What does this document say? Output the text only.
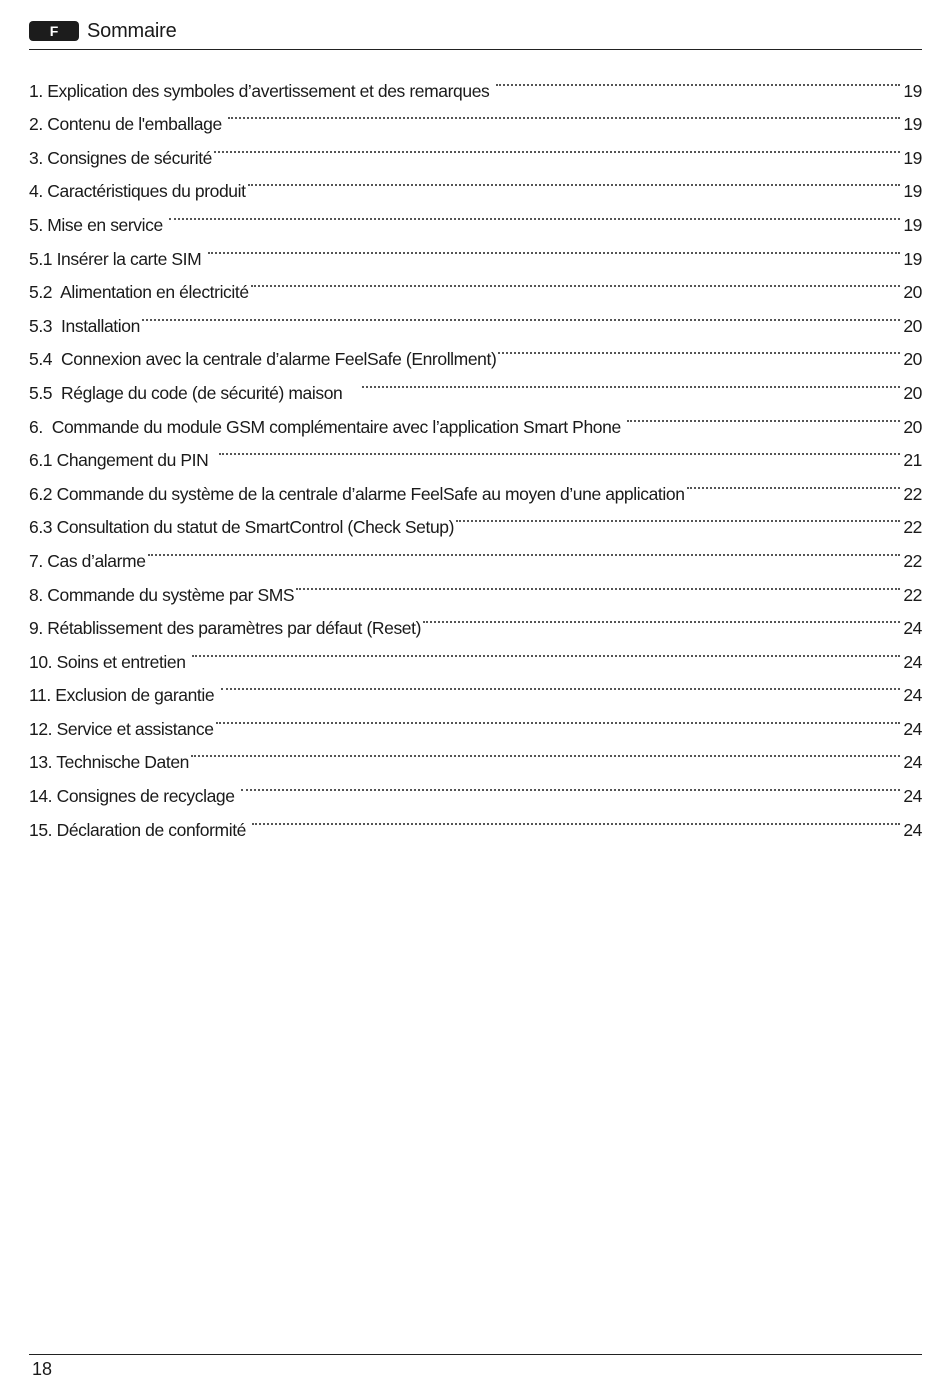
F	Sommaire
1. Explication des symboles d’avertissement et des remarques	19
2. Contenu de l'emballage	19
3. Consignes de sécurité	19
4. Caractéristiques du produit	19
5. Mise en service	19
5.1 Insérer la carte SIM	19
5.2  Alimentation en électricité	20
5.3  Installation	20
5.4  Connexion avec la centrale d’alarme FeelSafe (Enrollment)	20
5.5  Réglage du code (de sécurité) maison	20
6.  Commande du module GSM complémentaire avec l’application Smart Phone	20
6.1 Changement du PIN	21
6.2 Commande du système de la centrale d’alarme FeelSafe au moyen d’une application	22
6.3 Consultation du statut de SmartControl (Check Setup)	22
7. Cas d’alarme	22
8. Commande du système par SMS	22
9. Rétablissement des paramètres par défaut (Reset)	24
10. Soins et entretien	24
11. Exclusion de garantie	24
12. Service et assistance	24
13. Technische Daten	24
14. Consignes de recyclage	24
15. Déclaration de conformité	24
18
